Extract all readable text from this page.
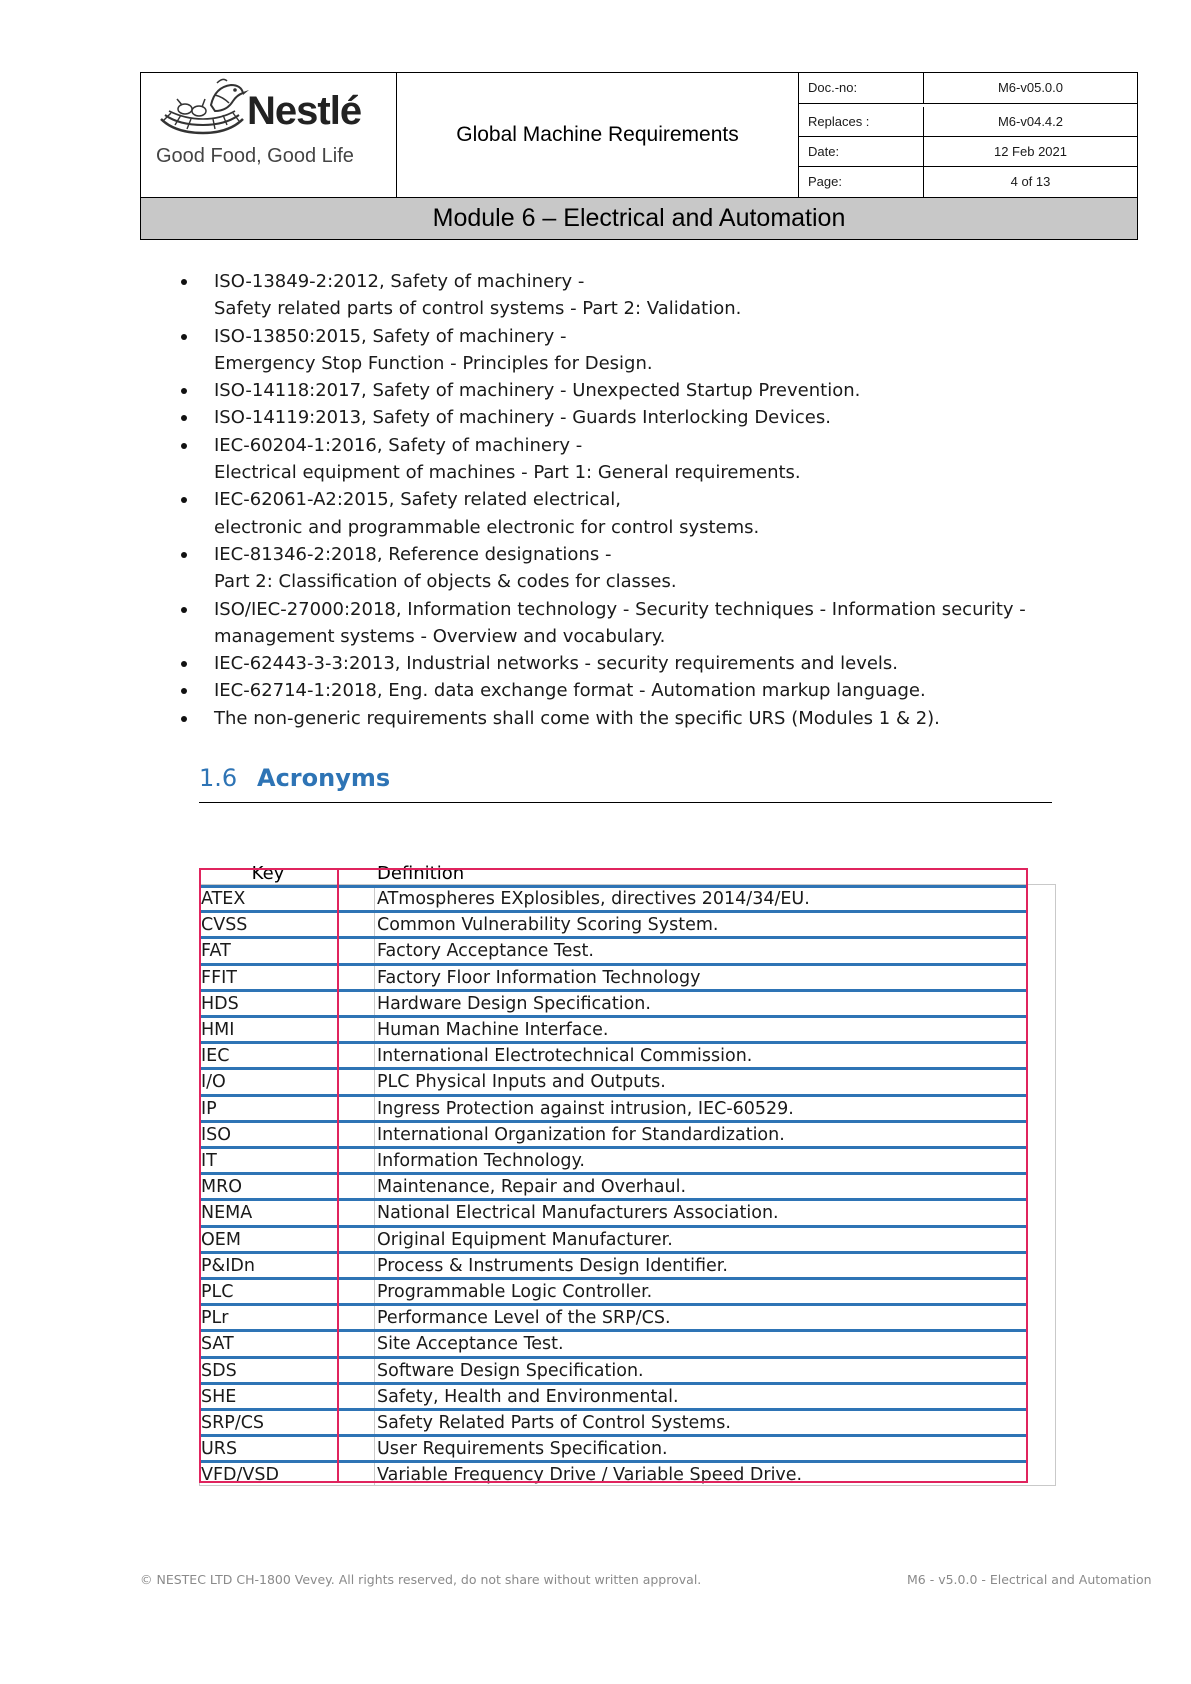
Nestlé
Good Food, Good Life
Global Machine Requirements
Doc.-no:	M6-v05.0.0
Replaces :	M6-v04.4.2
Date:	12 Feb 2021
Page:	4 of 13
Module 6 – Electrical and Automation
ISO-13849-2:2012, Safety of machinery -
Safety related parts of control systems - Part 2: Validation.
ISO-13850:2015, Safety of machinery -
Emergency Stop Function - Principles for Design.
ISO-14118:2017, Safety of machinery - Unexpected Startup Prevention.
ISO-14119:2013, Safety of machinery - Guards Interlocking Devices.
IEC-60204-1:2016, Safety of machinery -
Electrical equipment of machines - Part 1: General requirements.
IEC-62061-A2:2015, Safety related electrical,
electronic and programmable electronic for control systems.
IEC-81346-2:2018, Reference designations -
Part 2: Classification of objects & codes for classes.
ISO/IEC-27000:2018, Information technology - Security techniques - Information security -
management systems - Overview and vocabulary.
IEC-62443-3-3:2013, Industrial networks - security requirements and levels.
IEC-62714-1:2018, Eng. data exchange format - Automation markup language.
The non-generic requirements shall come with the specific URS (Modules 1 & 2).
1.6 Acronyms
Key	Definition
ATEX	ATmospheres EXplosibles, directives 2014/34/EU.
CVSS	Common Vulnerability Scoring System.
FAT	Factory Acceptance Test.
FFIT	Factory Floor Information Technology
HDS	Hardware Design Specification.
HMI	Human Machine Interface.
IEC	International Electrotechnical Commission.
I/O	PLC Physical Inputs and Outputs.
IP	Ingress Protection against intrusion, IEC-60529.
ISO	International Organization for Standardization.
IT	Information Technology.
MRO	Maintenance, Repair and Overhaul.
NEMA	National Electrical Manufacturers Association.
OEM	Original Equipment Manufacturer.
P&IDn	Process & Instruments Design Identifier.
PLC	Programmable Logic Controller.
PLr	Performance Level of the SRP/CS.
SAT	Site Acceptance Test.
SDS	Software Design Specification.
SHE	Safety, Health and Environmental.
SRP/CS	Safety Related Parts of Control Systems.
URS	User Requirements Specification.
VFD/VSD	Variable Frequency Drive / Variable Speed Drive.
© NESTEC LTD CH-1800 Vevey. All rights reserved, do not share without written approval.	M6 - v5.0.0 - Electrical and Automation
